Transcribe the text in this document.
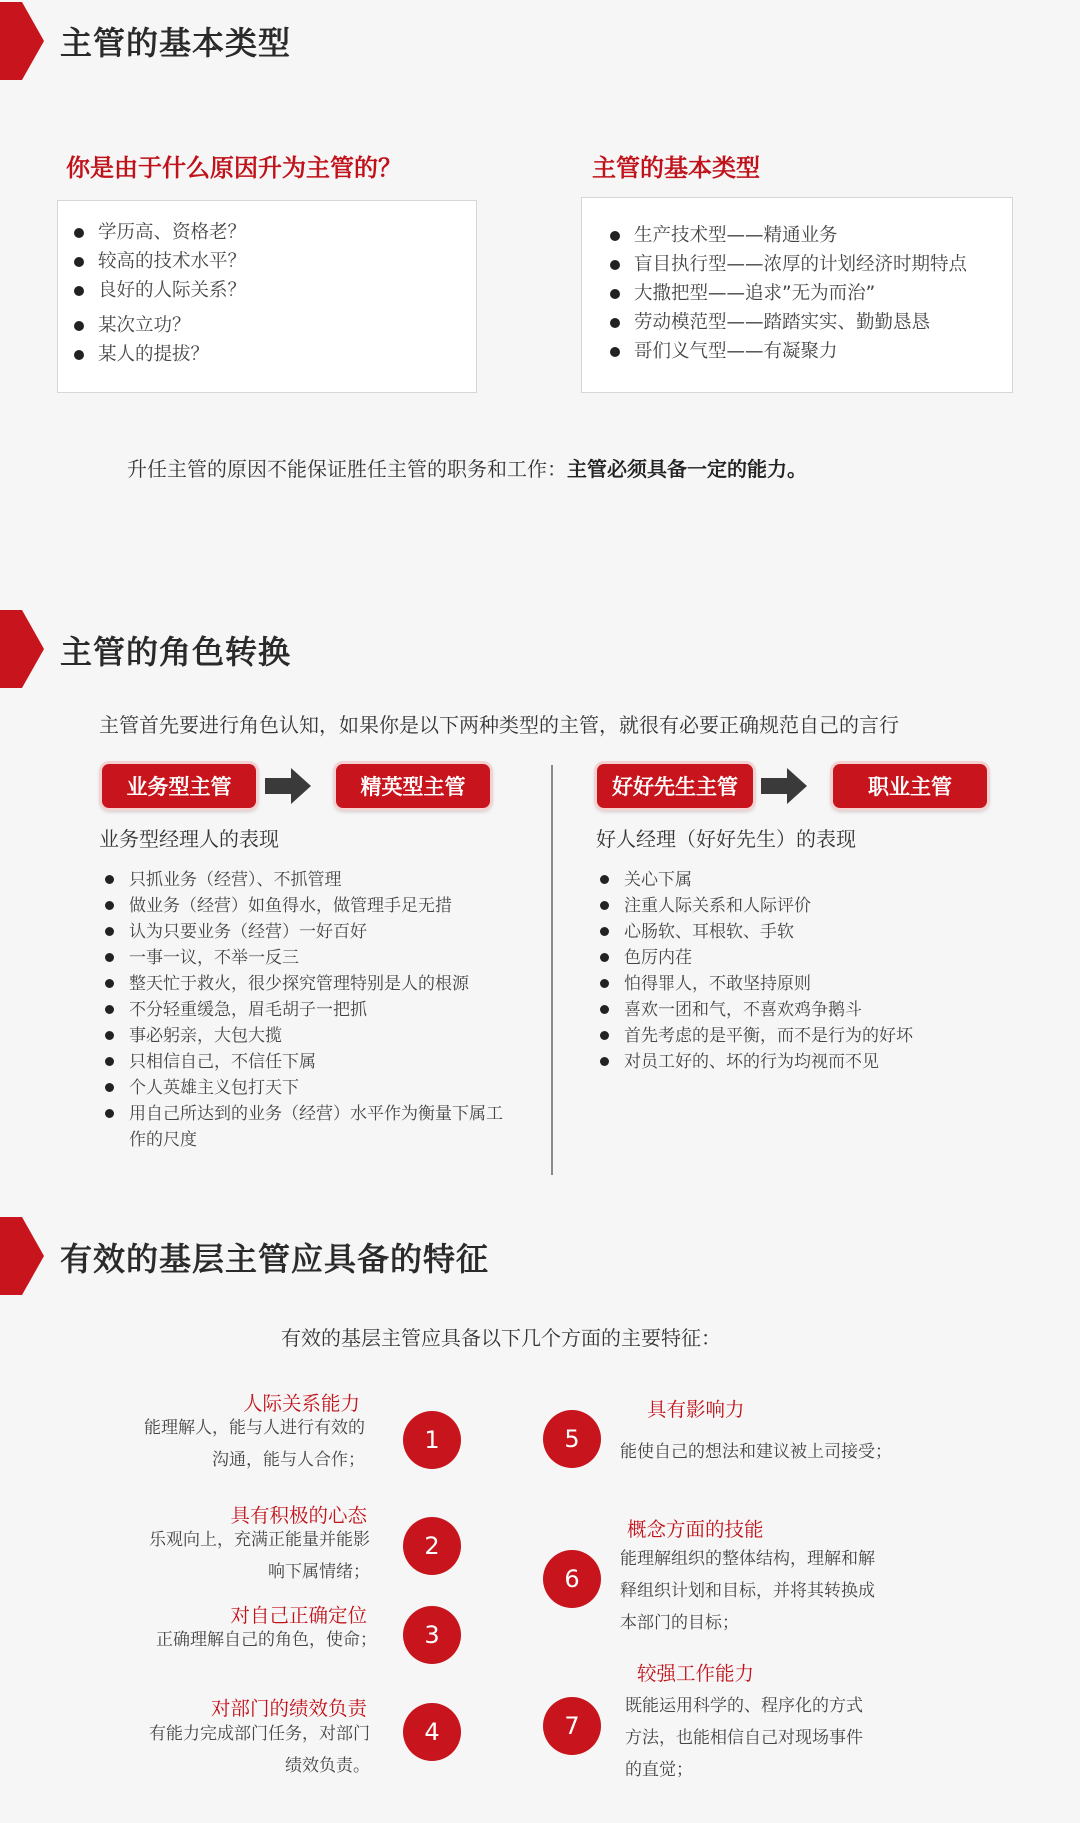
主管的基本类型
你是由于什么原因升为主管的？
学历高、资格老？
较高的技术水平？
良好的人际关系？
某次立功？
某人的提拔？
主管的基本类型
生产技术型——精通业务
盲目执行型——浓厚的计划经济时期特点
大撒把型——追求”无为而治”
劳动模范型——踏踏实实、勤勤恳恳
哥们义气型——有凝聚力
升任主管的原因不能保证胜任主管的职务和工作：主管必须具备一定的能力。
主管的角色转换
主管首先要进行角色认知，如果你是以下两种类型的主管，就很有必要正确规范自己的言行
业务型主管	精英型主管
业务型经理人的表现
只抓业务（经营）、不抓管理
做业务（经营）如鱼得水，做管理手足无措
认为只要业务（经营）一好百好
一事一议，不举一反三
整天忙于救火，很少探究管理特别是人的根源
不分轻重缓急，眉毛胡子一把抓
事必躬亲，大包大揽
只相信自己，不信任下属
个人英雄主义包打天下
用自己所达到的业务（经营）水平作为衡量下属工作的尺度
好好先生主管	职业主管
好人经理（好好先生）的表现
关心下属
注重人际关系和人际评价
心肠软、耳根软、手软
色厉内荏
怕得罪人，不敢坚持原则
喜欢一团和气，不喜欢鸡争鹅斗
首先考虑的是平衡，而不是行为的好坏
对员工好的、坏的行为均视而不见
有效的基层主管应具备的特征
有效的基层主管应具备以下几个方面的主要特征：
人际关系能力
能理解人，能与人进行有效的
沟通，能与人合作；
1
具有积极的心态
乐观向上，充满正能量并能影
响下属情绪；
2
对自己正确定位
正确理解自己的角色，使命；	3
对部门的绩效负责
有能力完成部门任务，对部门
绩效负责。
4
5
具有影响力
能使自己的想法和建议被上司接受；
6
概念方面的技能
能理解组织的整体结构，理解和解
释组织计划和目标，并将其转换成
本部门的目标；
7
较强工作能力
既能运用科学的、程序化的方式
方法，也能相信自己对现场事件
的直觉；
